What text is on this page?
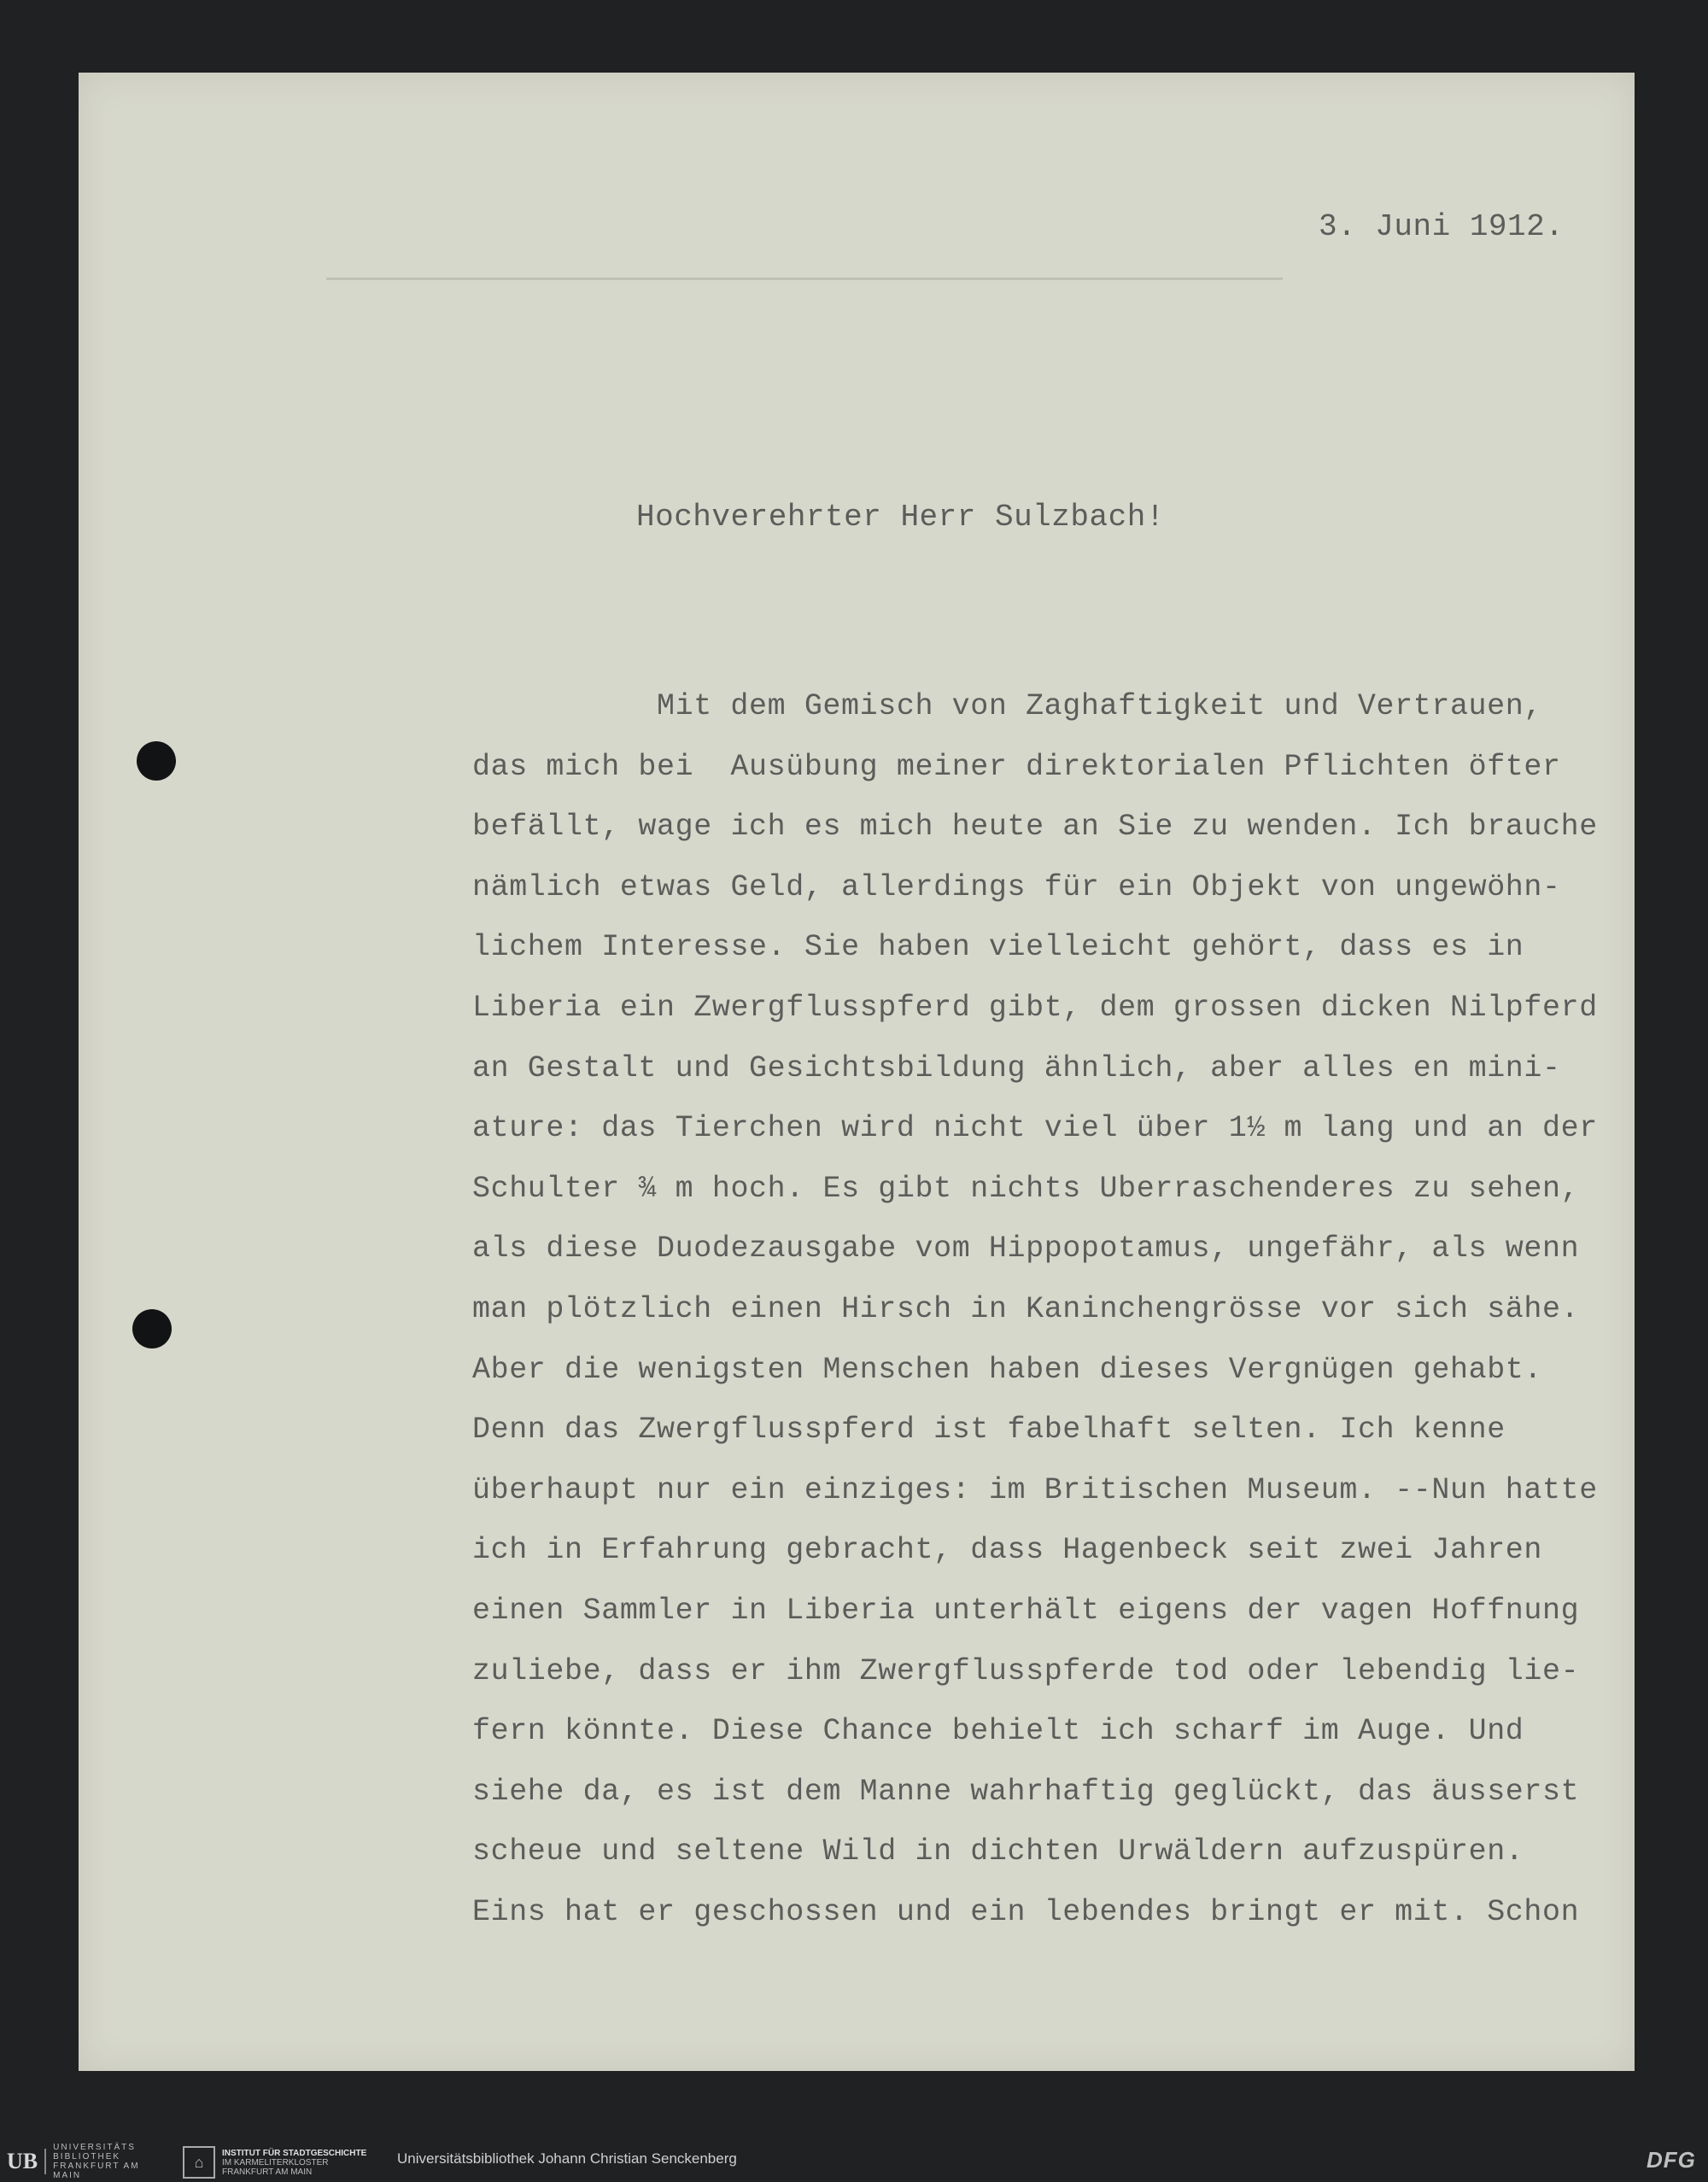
3. Juni 1912.
Hochverehrter Herr Sulzbach!
Mit dem Gemisch von Zaghaftigkeit und Vertrauen,
das mich bei  Ausübung meiner direktorialen Pflichten öfter
befällt, wage ich es mich heute an Sie zu wenden. Ich brauche
nämlich etwas Geld, allerdings für ein Objekt von ungewöhn-
lichem Interesse. Sie haben vielleicht gehört, dass es in
Liberia ein Zwergflusspferd gibt, dem grossen dicken Nilpferd
an Gestalt und Gesichtsbildung ähnlich, aber alles en mini-
ature: das Tierchen wird nicht viel über 1½ m lang und an der
Schulter ¾ m hoch. Es gibt nichts Uberraschenderes zu sehen,
als diese Duodezausgabe vom Hippopotamus, ungefähr, als wenn
man plötzlich einen Hirsch in Kaninchengrösse vor sich sähe.
Aber die wenigsten Menschen haben dieses Vergnügen gehabt.
Denn das Zwergflusspferd ist fabelhaft selten. Ich kenne
überhaupt nur ein einziges: im Britischen Museum. --Nun hatte
ich in Erfahrung gebracht, dass Hagenbeck seit zwei Jahren
einen Sammler in Liberia unterhält eigens der vagen Hoffnung
zuliebe, dass er ihm Zwergflusspferde tod oder lebendig lie-
fern könnte. Diese Chance behielt ich scharf im Auge. Und
siehe da, es ist dem Manne wahrhaftig geglückt, das äusserst
scheue und seltene Wild in dichten Urwäldern aufzuspüren.
Eins hat er geschossen und ein lebendes bringt er mit. Schon
UB
UNIVERSITÄTS BIBLIOTHEK FRANKFURT AM MAIN
⌂
INSTITUT FÜR STADTGESCHICHTE
IM KARMELITERKLOSTER FRANKFURT AM MAIN
Universitätsbibliothek Johann Christian Senckenberg	DFG
